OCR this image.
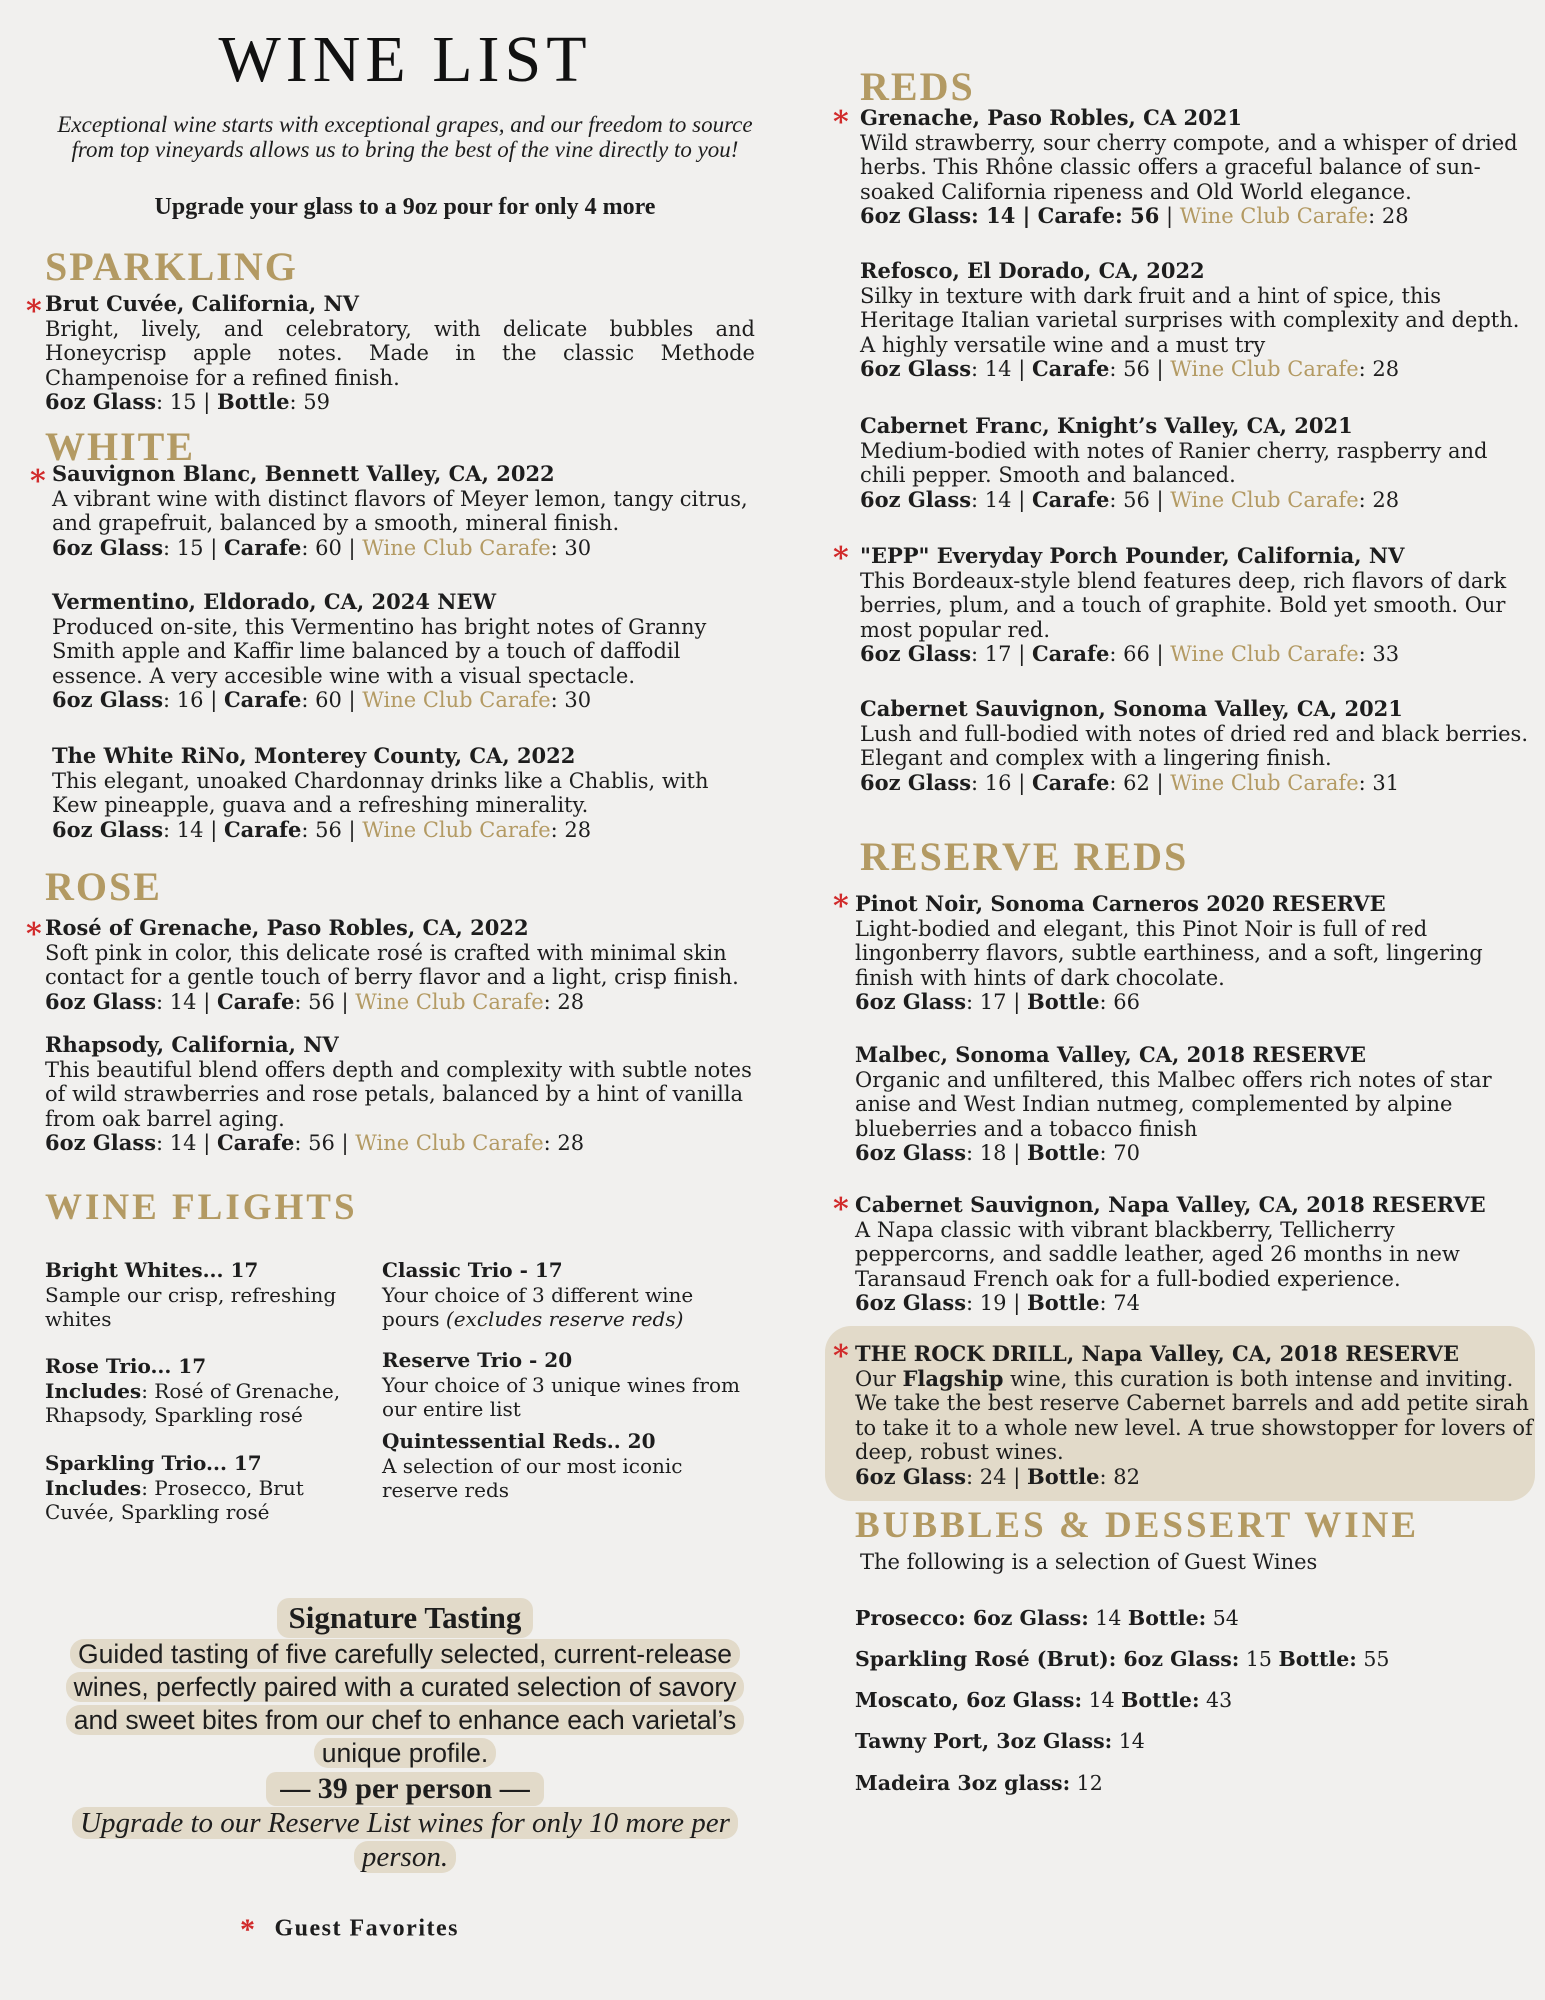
WINE LIST

Exceptional wine starts with exceptional grapes, and our freedom to source from top vineyards allows us to bring the best of the vine directly to you!

Upgrade your glass to a 9oz pour for only 4 more

SPARKLING
* Brut Cuvée, California, NV
Bright, lively, and celebratory, with delicate bubbles and Honeycrisp apple notes. Made in the classic Methode Champenoise for a refined finish.
6oz Glass: 15 | Bottle: 59
WHITE
* Sauvignon Blanc, Bennett Valley, CA, 2022
A vibrant wine with distinct flavors of Meyer lemon, tangy citrus, and grapefruit, balanced by a smooth, mineral finish.
6oz Glass: 15 | Carafe: 60 | Wine Club Carafe: 30
Vermentino, Eldorado, CA, 2024 NEW
Produced on-site, this Vermentino has bright notes of Granny Smith apple and Kaffir lime balanced by a touch of daffodil essence. A very accesible wine with a visual spectacle.
6oz Glass: 16 | Carafe: 60 | Wine Club Carafe: 30
The White RiNo, Monterey County, CA, 2022
This elegant, unoaked Chardonnay drinks like a Chablis, with Kew pineapple, guava and a refreshing minerality.
6oz Glass: 14 | Carafe: 56 | Wine Club Carafe: 28
ROSE
* Rosé of Grenache, Paso Robles, CA, 2022
Soft pink in color, this delicate rosé is crafted with minimal skin contact for a gentle touch of berry flavor and a light, crisp finish.
6oz Glass: 14 | Carafe: 56 | Wine Club Carafe: 28
Rhapsody, California, NV
This beautiful blend offers depth and complexity with subtle notes of wild strawberries and rose petals, balanced by a hint of vanilla from oak barrel aging.
6oz Glass: 14 | Carafe: 56 | Wine Club Carafe: 28
WINE FLIGHTS
Bright Whites... 17
Sample our crisp, refreshing whites
Rose Trio... 17
Includes: Rosé of Grenache, Rhapsody, Sparkling rosé
Sparkling Trio... 17
Includes: Prosecco, Brut Cuvée, Sparkling rosé
Classic Trio - 17
Your choice of 3 different wine pours (excludes reserve reds)
Reserve Trio - 20
Your choice of 3 unique wines from our entire list
Quintessential Reds.. 20
A selection of our most iconic reserve reds
Signature Tasting
Guided tasting of five carefully selected, current-release wines, perfectly paired with a curated selection of savory and sweet bites from our chef to enhance each varietal’s unique profile.
— 39 per person —
Upgrade to our Reserve List wines for only 10 more per person.
* Guest Favorites
REDS
* Grenache, Paso Robles, CA 2021
Wild strawberry, sour cherry compote, and a whisper of dried herbs. This Rhône classic offers a graceful balance of sun-soaked California ripeness and Old World elegance.
6oz Glass: 14 | Carafe: 56 | Wine Club Carafe: 28
Refosco, El Dorado, CA, 2022
Silky in texture with dark fruit and a hint of spice, this Heritage Italian varietal surprises with complexity and depth. A highly versatile wine and a must try
6oz Glass: 14 | Carafe: 56 | Wine Club Carafe: 28
Cabernet Franc, Knight’s Valley, CA, 2021
Medium-bodied with notes of Ranier cherry, raspberry and chili pepper. Smooth and balanced.
6oz Glass: 14 | Carafe: 56 | Wine Club Carafe: 28
* "EPP" Everyday Porch Pounder, California, NV
This Bordeaux-style blend features deep, rich flavors of dark berries, plum, and a touch of graphite. Bold yet smooth. Our most popular red.
6oz Glass: 17 | Carafe: 66 | Wine Club Carafe: 33
Cabernet Sauvignon, Sonoma Valley, CA, 2021
Lush and full-bodied with notes of dried red and black berries. Elegant and complex with a lingering finish.
6oz Glass: 16 | Carafe: 62 | Wine Club Carafe: 31
RESERVE REDS
* Pinot Noir, Sonoma Carneros 2020 RESERVE
Light-bodied and elegant, this Pinot Noir is full of red lingonberry flavors, subtle earthiness, and a soft, lingering finish with hints of dark chocolate.
6oz Glass: 17 | Bottle: 66
Malbec, Sonoma Valley, CA, 2018 RESERVE
Organic and unfiltered, this Malbec offers rich notes of star anise and West Indian nutmeg, complemented by alpine blueberries and a tobacco finish
6oz Glass: 18 | Bottle: 70
* Cabernet Sauvignon, Napa Valley, CA, 2018 RESERVE
A Napa classic with vibrant blackberry, Tellicherry peppercorns, and saddle leather, aged 26 months in new Taransaud French oak for a full-bodied experience.
6oz Glass: 19 | Bottle: 74
* THE ROCK DRILL, Napa Valley, CA, 2018 RESERVE
Our Flagship wine, this curation is both intense and inviting. We take the best reserve Cabernet barrels and add petite sirah to take it to a whole new level. A true showstopper for lovers of deep, robust wines.
6oz Glass: 24 | Bottle: 82
BUBBLES & DESSERT WINE
The following is a selection of Guest Wines
Prosecco: 6oz Glass: 14 Bottle: 54
Sparkling Rosé (Brut): 6oz Glass: 15 Bottle: 55
Moscato, 6oz Glass: 14 Bottle: 43
Tawny Port, 3oz Glass: 14
Madeira 3oz glass: 12
